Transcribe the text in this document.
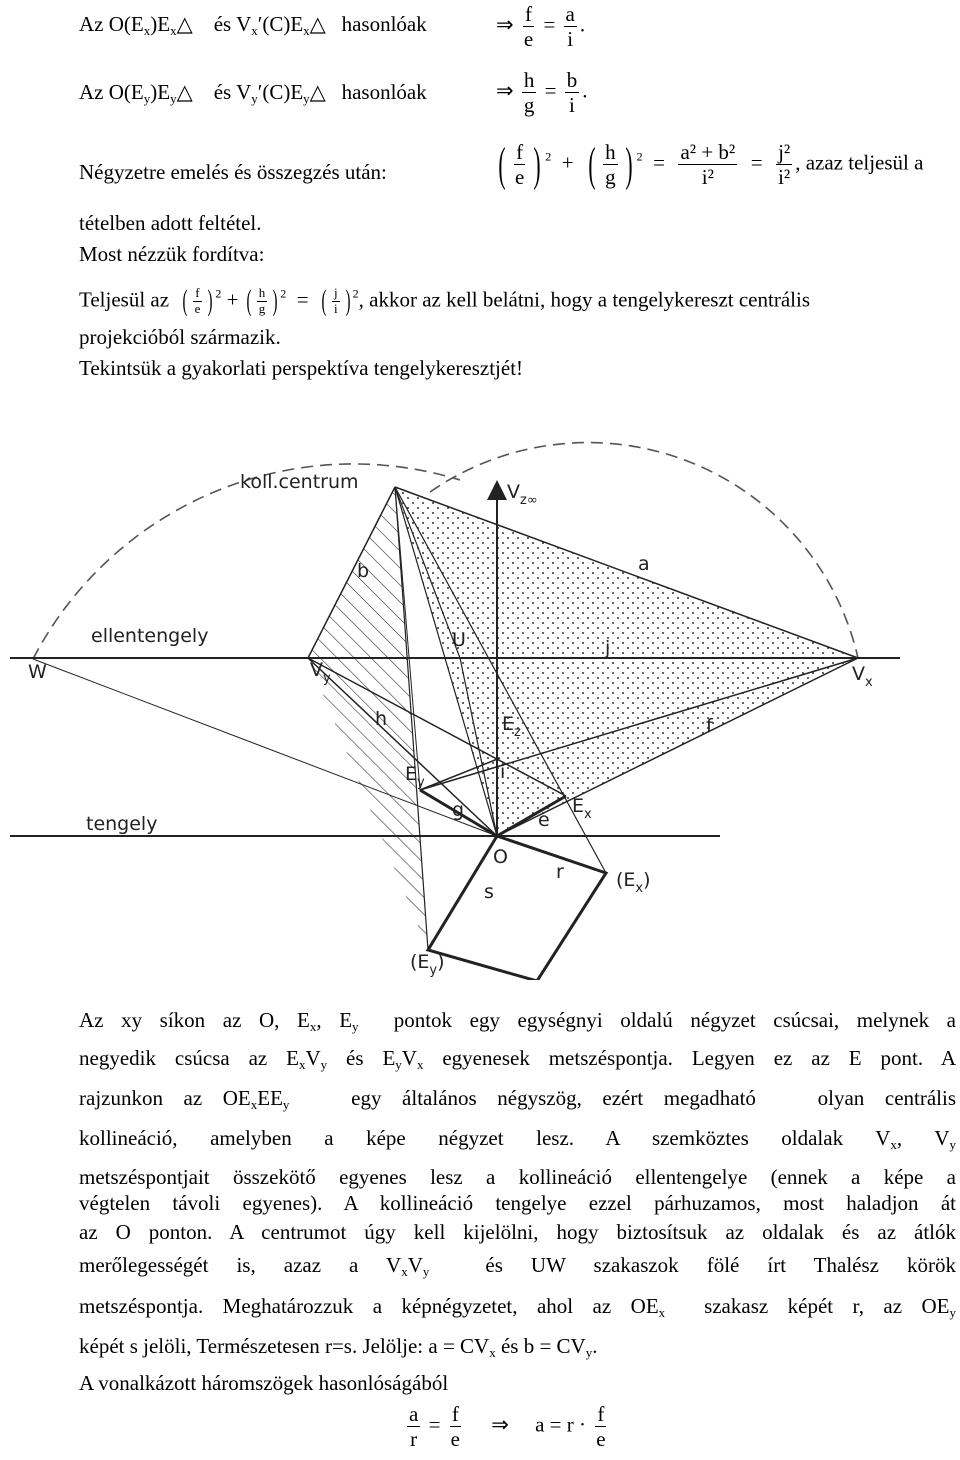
Az $O(E_x)E_x\triangle$ és $V_x'(C)E_x\triangle$ hasonlóak	⇒ $\frac{f}{e} = \frac{a}{i}$ .
Az $O(E_y)E_y\triangle$ és $V_y'(C)E_y\triangle$ hasonlóak	⇒ $\frac{h}{g} = \frac{b}{i}$ .
Négyzetre emelés és összegzés után: ( $\frac{f}{e}$ ) $^2$  + ( $\frac{h}{g}$ ) $^2 = \frac{\text{a² + b²}}{\text{i²}} = \frac{\text{j²}}{\text{i²}}$ , azaz teljesül a
tételben adott feltétel.
Most nézzük fordítva:
Teljesül az ( $\frac{f}{e}$ ) $^2$ + ( $\frac{h}{g}$ ) $^2$  = ( $\frac{j}{i}$ ) $^2$, akkor az kell belátni, hogy a tengelykereszt centrális
projekcióból származik.
Tekintsük a gyakorlati perspektíva tengelykeresztjét!
koll.centrum	$V_{z\infty}$
b	a
ellentengely
W	$V_y$
U	j
$V_x$
h	$E_z$	f
$E_y$	i
$E_x$
tengely
g	e
O
r	$(E_x)$
s
$(E_y)$
Az xy síkon az O, $E_x$, $E_y$ pontok egy egységnyi oldalú négyzet csúcsai, melynek a
negyedik csúcsa az $E_xV_y$ és $E_yV_x$ egyenesek metszéspontja. Legyen ez az E pont. A
rajzunkon az $OE_xEE_y$	egy általános négyszög, ezért megadható	olyan centrális
kollineáció, amelyben a képe négyzet lesz. A szemköztes oldalak $V_x$, $V_y$
metszéspontjait összekötő egyenes lesz a kollineáció ellentengelye (ennek a képe a
végtelen távoli egyenes). A kollineáció tengelye ezzel párhuzamos, most haladjon át
az O ponton. A centrumot úgy kell kijelölni, hogy biztosítsuk az oldalak és az átlók
merőlegességét is, azaz a $V_xV_y$	és UW szakaszok fölé írt Thalész körök
metszéspontja. Meghatározzuk a képnégyzetet, ahol az $OE_x$ szakasz képét r, az $OE_y$
képét s jelöli, Természetesen r=s. Jelölje: $a = CV_x$ és $b = CV_y$.
A vonalkázott háromszögek hasonlóságából
$\frac{a}{r} = \frac{f}{e}$ ⇒ $a = r \cdot \frac{f}{e}$
